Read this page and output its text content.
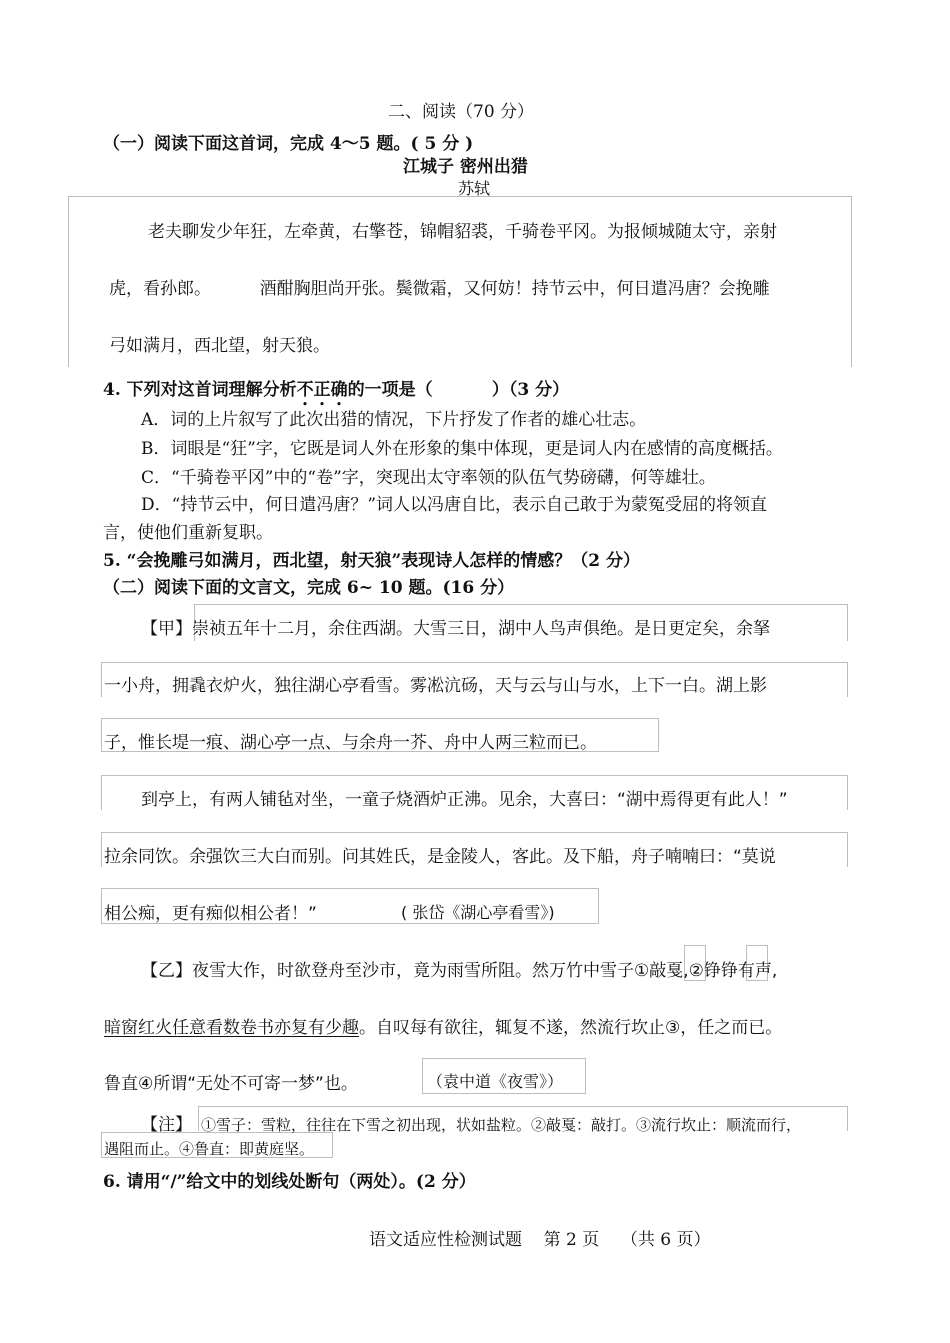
二、阅读（70 分）
（一）阅读下面这首词，完成 4～5 题。( 5 分 )
江城子 密州出猎
苏轼
老夫聊发少年狂，左牵黄，右擎苍，锦帽貂裘，千骑卷平冈。为报倾城随太守，亲射
虎，看孙郎。         酒酣胸胆尚开张。鬓微霜，又何妨！持节云中，何日遣冯唐？会挽雕
弓如满月，西北望，射天狼。
4. 下列对这首词理解分析不正确的一项是（          ）（3 分）
A．词的上片叙写了此次出猎的情况，下片抒发了作者的雄心壮志。
B．词眼是“狂”字，它既是词人外在形象的集中体现，更是词人内在感情的高度概括。
C．“千骑卷平冈”中的“卷”字，突现出太守率领的队伍气势磅礴，何等雄壮。
D．“持节云中，何日遣冯唐？”词人以冯唐自比，表示自己敢于为蒙冤受屈的将领直
言，使他们重新复职。
5. “会挽雕弓如满月，西北望，射天狼”表现诗人怎样的情感？（2 分）
（二）阅读下面的文言文，完成 6~ 10 题。(16 分）
【甲】崇祯五年十二月，余住西湖。大雪三日，湖中人鸟声俱绝。是日更定矣，余拏
一小舟，拥毳衣炉火，独往湖心亭看雪。雾凇沆砀，天与云与山与水，上下一白。湖上影
子，惟长堤一痕、湖心亭一点、与余舟一芥、舟中人两三粒而已。
到亭上，有两人铺毡对坐，一童子烧酒炉正沸。见余，大喜曰：“湖中焉得更有此人！”
拉余同饮。余强饮三大白而别。问其姓氏，是金陵人，客此。及下船，舟子喃喃曰：“莫说
相公痴，更有痴似相公者！”	( 张岱《湖心亭看雪》)
【乙】夜雪大作，时欲登舟至沙市，竟为雨雪所阻。然万竹中雪子①敲戛,②铮铮有声,
暗窗红火任意看数卷书亦复有少趣。自叹每有欲往，辄复不遂，然流行坎止③，任之而已。
鲁直④所谓“无处不可寄一梦”也。	（袁中道《夜雪》）
【注】 ①雪子：雪粒，往往在下雪之初出现，状如盐粒。②敲戛：敲打。③流行坎止：顺流而行，
遇阻而止。④鲁直：即黄庭坚。
6. 请用“/”给文中的划线处断句（两处）。(2 分）
语文适应性检测试题    第 2 页    （共 6 页）
